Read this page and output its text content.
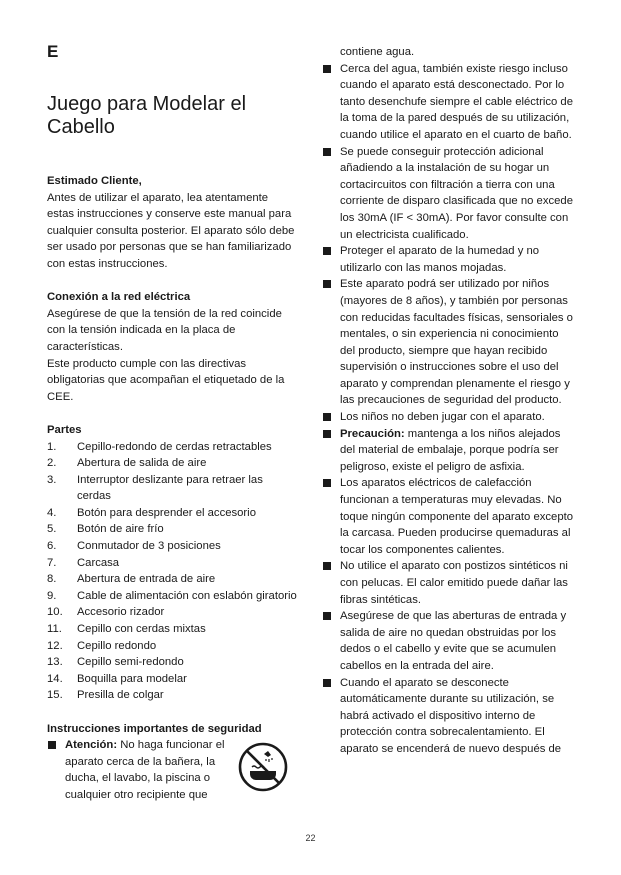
E
Juego para Modelar el Cabello

Estimado Cliente,

Antes de utilizar el aparato, lea atentamente estas instrucciones y conserve este manual para cualquier consulta posterior. El aparato sólo debe ser usado por personas que se han familiarizado con estas instrucciones.

Conexión a la red eléctrica

Asegúrese de que la tensión de la red coincide con la tensión indicada en la placa de características.

Este producto cumple con las directivas obligatorias que acompañan el etiquetado de la CEE.

Partes

1. Cepillo-redondo de cerdas retractables
2. Abertura de salida de aire
3. Interruptor deslizante para retraer las cerdas
4. Botón para desprender el accesorio
5. Botón de aire frío
6. Conmutador de 3 posiciones
7. Carcasa
8. Abertura de entrada de aire
9. Cable de alimentación con eslabón giratorio
10. Accesorio rizador
11. Cepillo con cerdas mixtas
12. Cepillo redondo
13. Cepillo semi-redondo
14. Boquilla para modelar
15. Presilla de colgar

Instrucciones importantes de seguridad

Atención: No haga funcionar el aparato cerca de la bañera, la ducha, el lavabo, la piscina o cualquier otro recipiente que

contiene agua.

Cerca del agua, también existe riesgo incluso cuando el aparato está desconectado. Por lo tanto desenchufe siempre el cable eléctrico de la toma de la pared después de su utilización, cuando utilice el aparato en el cuarto de baño.
Se puede conseguir protección adicional añadiendo a la instalación de su hogar un cortacircuitos con filtración a tierra con una corriente de disparo clasificada que no excede los 30mA (IF < 30mA). Por favor consulte con un electricista cualificado.
Proteger el aparato de la humedad y no utilizarlo con las manos mojadas.
Este aparato podrá ser utilizado por niños (mayores de 8 años), y también por personas con reducidas facultades físicas, sensoriales o mentales, o sin experiencia ni conocimiento del producto, siempre que hayan recibido supervisión o instrucciones sobre el uso del aparato y comprendan plenamente el riesgo y las precauciones de seguridad del producto.
Los niños no deben jugar con el aparato.
Precaución: mantenga a los niños alejados del material de embalaje, porque podría ser peligroso, existe el peligro de asfixia.
Los aparatos eléctricos de calefacción funcionan a temperaturas muy elevadas. No toque ningún componente del aparato excepto la carcasa. Pueden producirse quemaduras al tocar los componentes calientes.
No utilice el aparato con postizos sintéticos ni con pelucas. El calor emitido puede dañar las fibras sintéticas.
Asegúrese de que las aberturas de entrada y salida de aire no quedan obstruidas por los dedos o el cabello y evite que se acumulen cabellos en la entrada del aire.
Cuando el aparato se desconecte automáticamente durante su utilización, se habrá activado el dispositivo interno de protección contra sobrecalentamiento. El aparato se encenderá de nuevo después de
22
